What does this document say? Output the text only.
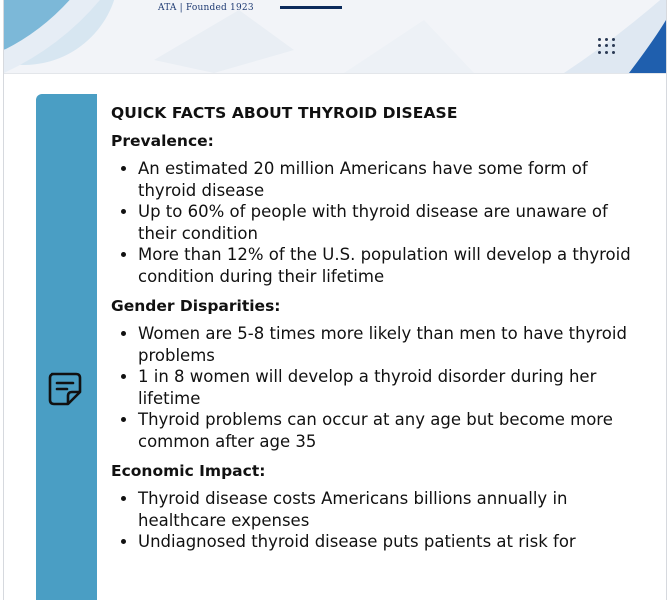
ATA | Founded 1923
QUICK FACTS ABOUT THYROID DISEASE
Prevalence:
• An estimated 20 million Americans have some form of thyroid disease
• Up to 60% of people with thyroid disease are unaware of their condition
• More than 12% of the U.S. population will develop a thyroid condition during their lifetime
Gender Disparities:
• Women are 5-8 times more likely than men to have thyroid problems
• 1 in 8 women will develop a thyroid disorder during her lifetime
• Thyroid problems can occur at any age but become more common after age 35
Economic Impact:
• Thyroid disease costs Americans billions annually in healthcare expenses
• Undiagnosed thyroid disease puts patients at risk for
